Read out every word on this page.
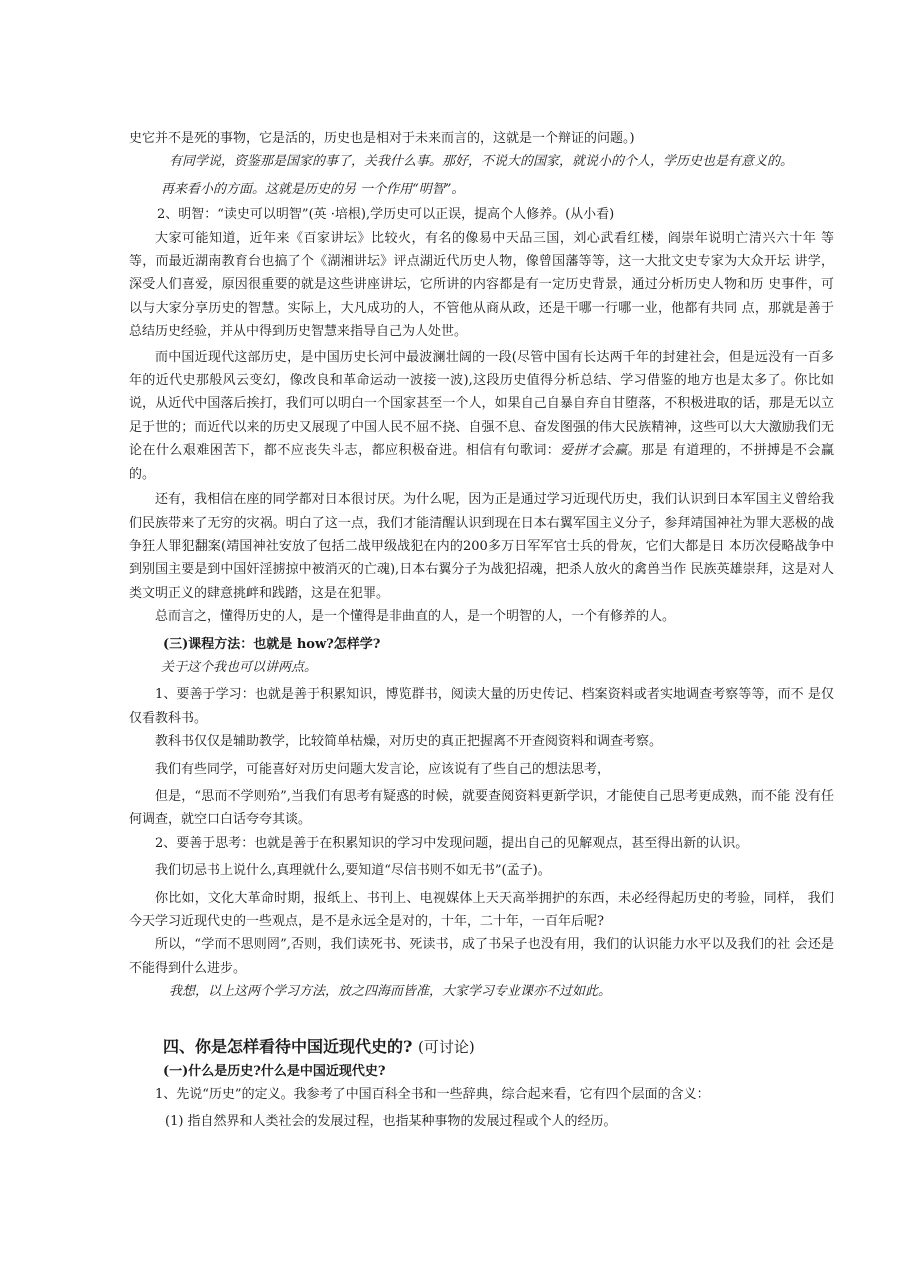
史它并不是死的事物，它是活的，历史也是相对于未来而言的，这就是一个辩证的问题。)

有同学说，资鉴那是国家的事了，关我什么事。那好，不说大的国家，就说小的个人，学历史也是有意义的。

再来看小的方面。这就是历史的另 一个作用“明智”。

2、明智：“读史可以明智”(英 ·培根),学历史可以正误，提高个人修养。(从小看)

大家可能知道，近年来《百家讲坛》比较火，有名的像易中天品三国，刘心武看红楼，阎崇年说明亡清兴六十年 等等，而最近湖南教育台也搞了个《湖湘讲坛》评点湖近代历史人物，像曾国藩等等，这一大批文史专家为大众开坛 讲学，深受人们喜爱，原因很重要的就是这些讲座讲坛，它所讲的内容都是有一定历史背景，通过分析历史人物和历 史事件，可以与大家分享历史的智慧。实际上，大凡成功的人，不管他从商从政，还是干哪一行哪一业，他都有共同 点，那就是善于总结历史经验，并从中得到历史智慧来指导自己为人处世。

而中国近现代这部历史，是中国历史长河中最波澜壮阔的一段(尽管中国有长达两千年的封建社会，但是远没有一百多年的近代史那般风云变幻，像改良和革命运动一波接一波),这段历史值得分析总结、学习借鉴的地方也是太多了。你比如说，从近代中国落后挨打，我们可以明白一个国家甚至一个人，如果自己自暴自弃自甘堕落，不积极进取的话，那是无以立足于世的；而近代以来的历史又展现了中国人民不屈不挠、自强不息、奋发图强的伟大民族精神，这些可以大大激励我们无论在什么艰难困苦下，都不应丧失斗志，都应积极奋进。相信有句歌词：爱拼才会赢。那是 有道理的，不拼搏是不会赢的。

还有，我相信在座的同学都对日本很讨厌。为什么呢，因为正是通过学习近现代历史，我们认识到日本军国主义曾给我们民族带来了无穷的灾祸。明白了这一点，我们才能清醒认识到现在日本右翼军国主义分子，参拜靖国神社为罪大恶极的战争狂人罪犯翻案(靖国神社安放了包括二战甲级战犯在内的200多万日军军官士兵的骨灰，它们大都是日 本历次侵略战争中到别国主要是到中国奸淫掳掠中被消灭的亡魂),日本右翼分子为战犯招魂，把杀人放火的禽兽当作 民族英雄崇拜，这是对人类文明正义的肆意挑衅和践踏，这是在犯罪。

总而言之，懂得历史的人，是一个懂得是非曲直的人，是一个明智的人，一个有修养的人。

(三)课程方法：也就是 how?怎样学?

关于这个我也可以讲两点。

1、要善于学习：也就是善于积累知识，博览群书，阅读大量的历史传记、档案资料或者实地调查考察等等，而不 是仅仅看教科书。

教科书仅仅是辅助教学，比较简单枯燥，对历史的真正把握离不开查阅资料和调查考察。

我们有些同学，可能喜好对历史问题大发言论，应该说有了些自己的想法思考，

但是，“思而不学则殆”,当我们有思考有疑惑的时候，就要查阅资料更新学识，才能使自己思考更成熟，而不能 没有任何调查，就空口白话夸夸其谈。

2、要善于思考：也就是善于在积累知识的学习中发现问题，提出自己的见解观点，甚至得出新的认识。

我们切忌书上说什么,真理就什么,要知道“尽信书则不如无书”(孟子)。

你比如，文化大革命时期，报纸上、书刊上、电视媒体上天天高举拥护的东西，未必经得起历史的考验，同样， 我们今天学习近现代史的一些观点，是不是永远全是对的，十年，二十年，一百年后呢?

所以，“学而不思则罔”,否则，我们读死书、死读书，成了书呆子也没有用，我们的认识能力水平以及我们的社 会还是不能得到什么进步。

我想，以上这两个学习方法，放之四海而皆准，大家学习专业课亦不过如此。

四、你是怎样看待中国近现代史的? (可讨论)

(一)什么是历史?什么是中国近现代史?

1、先说“历史”的定义。我参考了中国百科全书和一些辞典，综合起来看，它有四个层面的含义：

(1) 指自然界和人类社会的发展过程，也指某种事物的发展过程或个人的经历。
